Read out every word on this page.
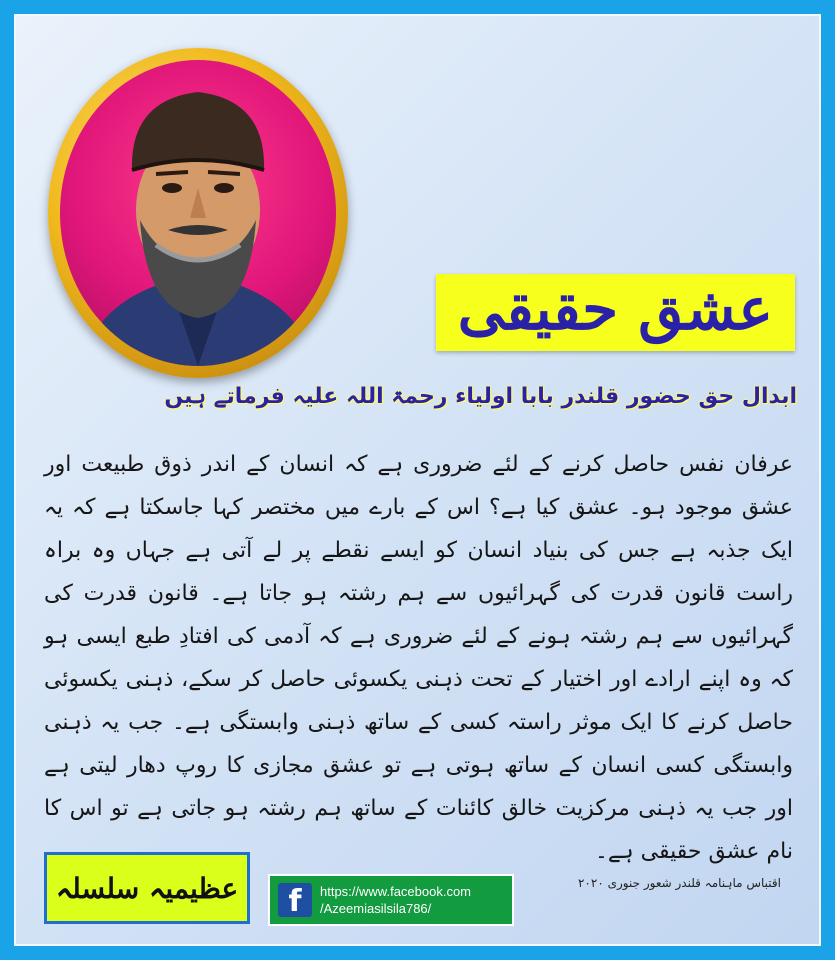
عشق حقیقی
ابدال حق حضور قلندر بابا اولیاء رحمۃ اللہ علیہ فرماتے ہیں
عرفان نفس حاصل کرنے کے لئے ضروری ہے کہ انسان کے اندر ذوق طبیعت اور عشق موجود ہو۔ عشق کیا ہے؟ اس کے بارے میں مختصر کہا جاسکتا ہے کہ یہ ایک جذبہ ہے جس کی بنیاد انسان کو ایسے نقطے پر لے آتی ہے جہاں وہ براہ راست قانون قدرت کی گہرائیوں سے ہم رشتہ ہو جاتا ہے۔ قانون قدرت کی گہرائیوں سے ہم رشتہ ہونے کے لئے ضروری ہے کہ آدمی کی افتادِ طبع ایسی ہو کہ وہ اپنے ارادے اور اختیار کے تحت ذہنی یکسوئی حاصل کر سکے، ذہنی یکسوئی حاصل کرنے کا ایک موثر راستہ کسی کے ساتھ ذہنی وابستگی ہے۔ جب یہ ذہنی وابستگی کسی انسان کے ساتھ ہوتی ہے تو عشق مجازی کا روپ دھار لیتی ہے اور جب یہ ذہنی مرکزیت خالق کائنات کے ساتھ ہم رشتہ ہو جاتی ہے تو اس کا نام عشق حقیقی ہے۔
اقتباس ماہنامہ قلندر شعور جنوری ۲۰۲۰
عظیمیہ سلسلہ	f	https://www.facebook.com
/Azeemiasilsila786/
